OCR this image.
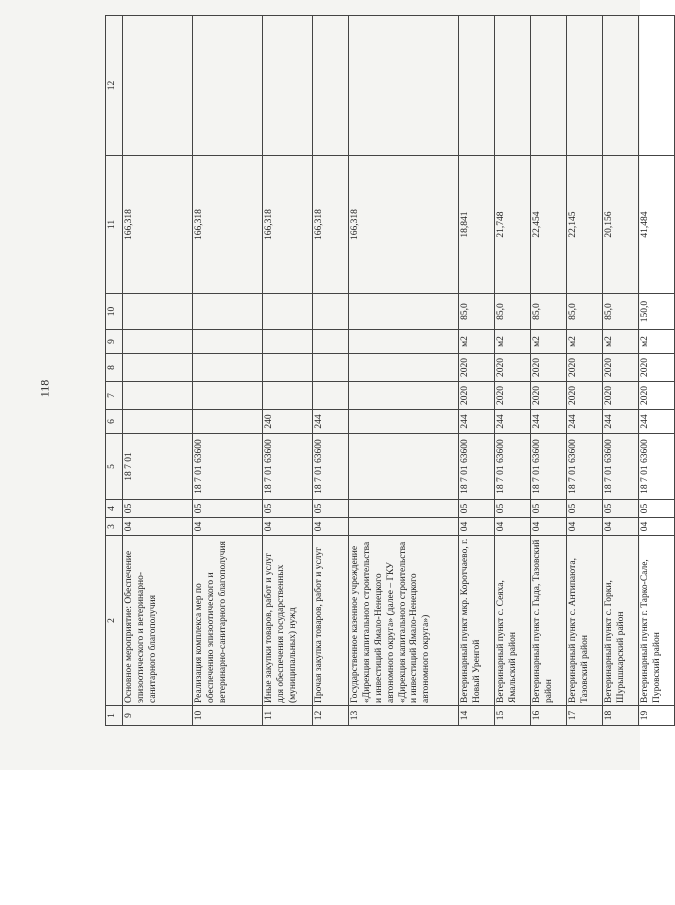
118
1	2	3	4	5	6	7	8	9	10	11	12
9	Основное мероприятие: Обеспечение эпизоотического и ветеринарно-санитарного благополучия	04	05	18 7 01						166,318	
10	Реализация комплекса мер по обеспечению эпизоотического и ветеринарно-санитарного благополучия	04	05	18 7 01 63600						166,318	
11	Иные закупки товаров, работ и услуг для обеспечения государственных (муниципальных) нужд	04	05	18 7 01 63600	240					166,318	
12	Прочая закупка товаров, работ и услуг	04	05	18 7 01 63600	244					166,318	
13	Государственное казенное учреждение «Дирекция капитального строительства и инвестиций Ямало-Ненецкого автономного округа» (далее – ГКУ «Дирекция капитального строительства и инвестиций Ямало-Ненецкого автономного округа»)									166,318	
14	Ветеринарный пункт мкр. Коротчаево, г. Новый Уренгой	04	05	18 7 01 63600	244	2020	2020	м2	85,0	18,841	
15	Ветеринарный пункт с. Сеяха, Ямальский район	04	05	18 7 01 63600	244	2020	2020	м2	85,0	21,748	
16	Ветеринарный пункт с. Гыда, Тазовский район	04	05	18 7 01 63600	244	2020	2020	м2	85,0	22,454	
17	Ветеринарный пункт с. Антипаюта, Тазовский район	04	05	18 7 01 63600	244	2020	2020	м2	85,0	22,145	
18	Ветеринарный пункт с. Горки, Шурышкарский район	04	05	18 7 01 63600	244	2020	2020	м2	85,0	20,156	
19	Ветеринарный пункт г. Тарко-Сале, Пуровский район	04	05	18 7 01 63600	244	2020	2020	м2	150,0	41,484	
